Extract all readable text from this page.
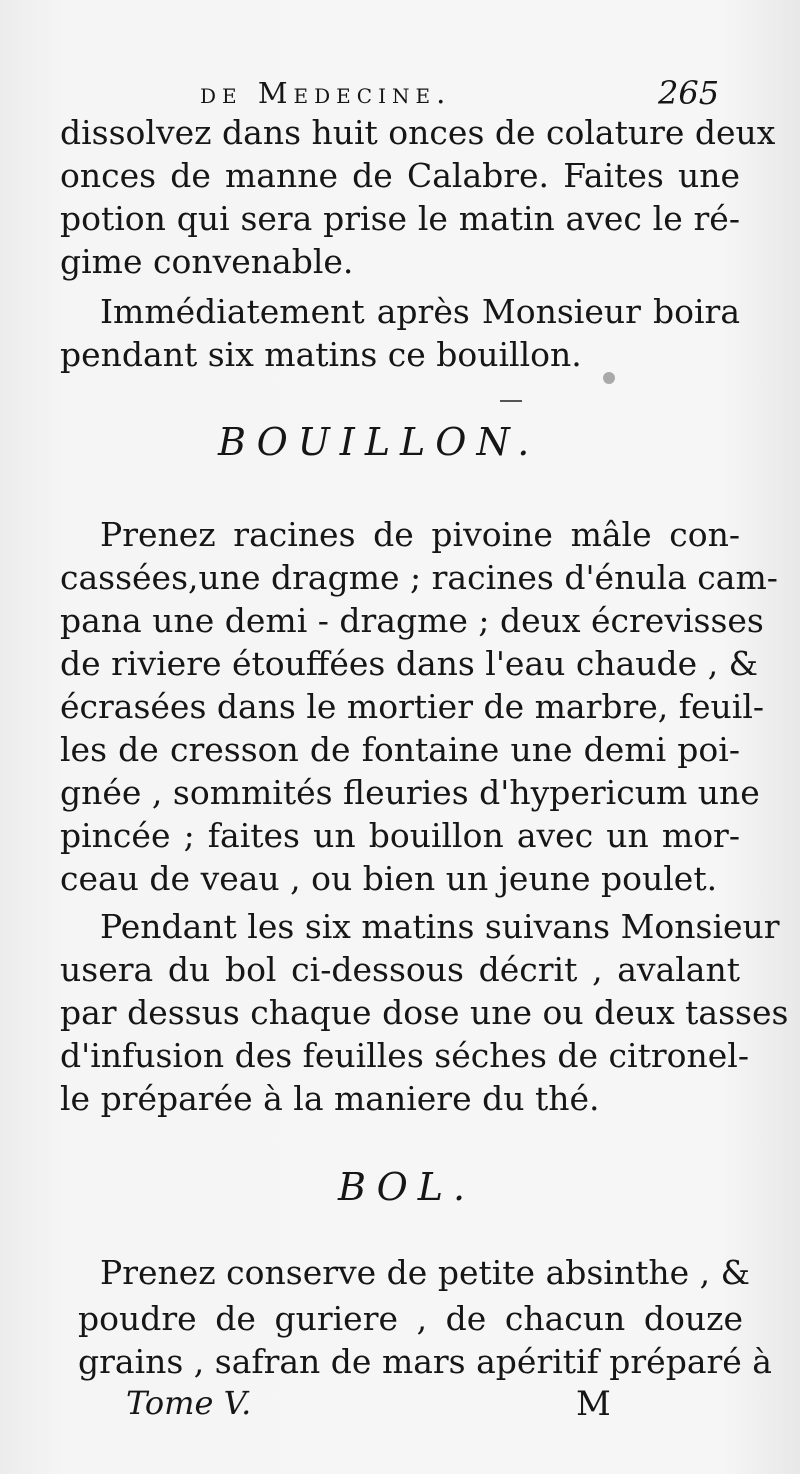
de Medecine.	265
dissolvez dans huit onces de colature deux
onces de manne de Calabre. Faites une
potion qui sera prise le matin avec le ré-
gime convenable.
Immédiatement après Monsieur boira
pendant six matins ce bouillon.
BOUILLON.
Prenez racines de pivoine mâle con-
cassées,une dragme ; racines d'énula cam-
pana une demi - dragme ; deux écrevisses
de riviere étouffées dans l'eau chaude , &
écrasées dans le mortier de marbre, feuil-
les de cresson de fontaine une demi poi-
gnée , sommités fleuries d'hypericum une
pincée ; faites un bouillon avec un mor-
ceau de veau , ou bien un jeune poulet.
Pendant les six matins suivans Monsieur
usera du bol ci-dessous décrit , avalant
par dessus chaque dose une ou deux tasses
d'infusion des feuilles séches de citronel-
le préparée à la maniere du thé.
BOL.
Prenez conserve de petite absinthe , &
poudre de guriere , de chacun douze
grains , safran de mars apéritif préparé à
Tome V.	M
